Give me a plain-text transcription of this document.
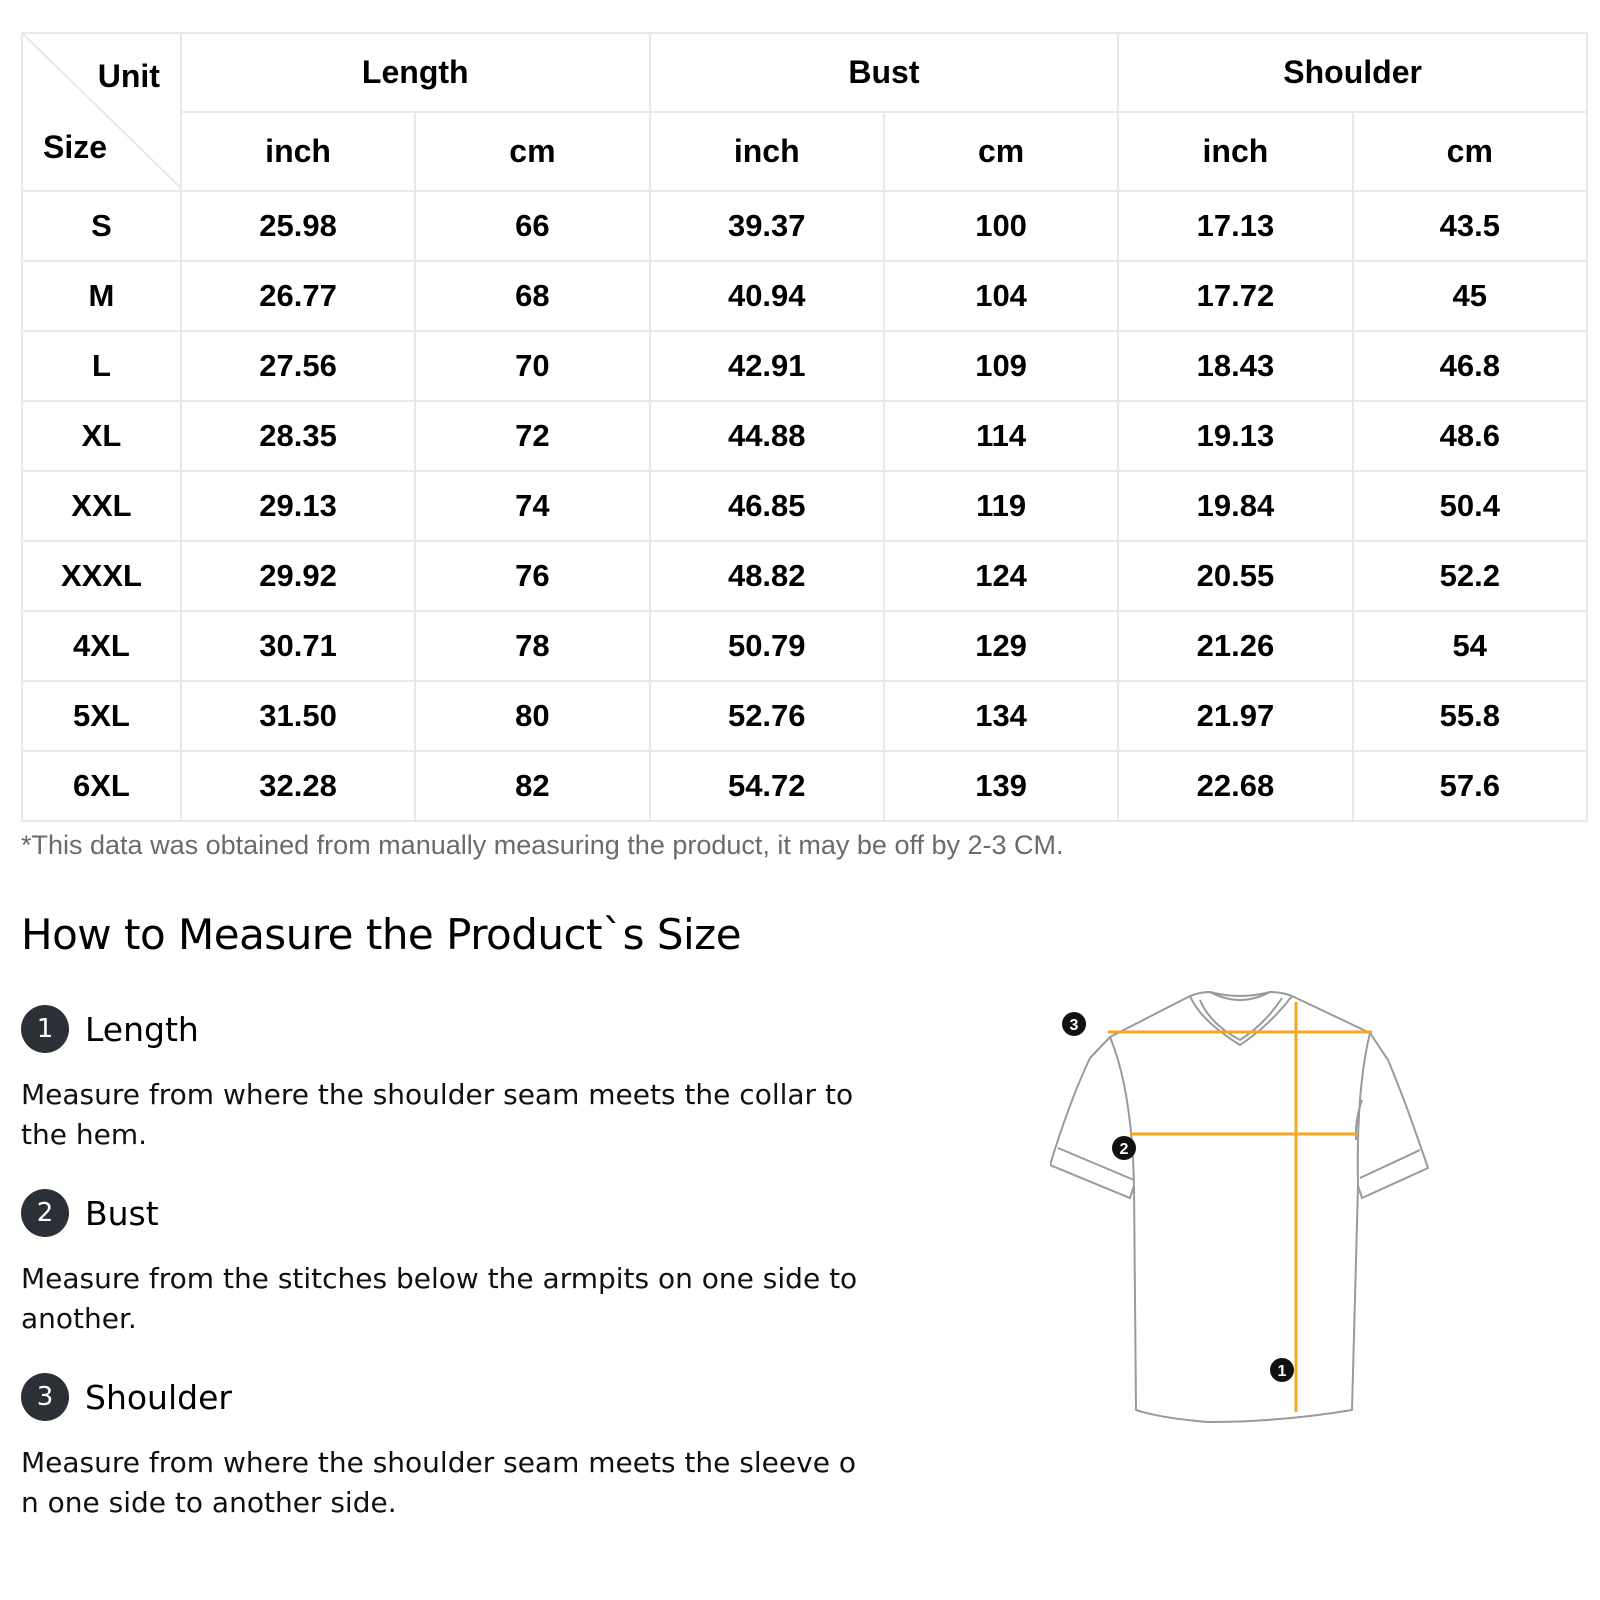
Unit
Size	Length		Bust		Shoulder	
	inch	cm	inch	cm	inch	cm
S	25.98	66	39.37	100	17.13	43.5
M	26.77	68	40.94	104	17.72	45
L	27.56	70	42.91	109	18.43	46.8
XL	28.35	72	44.88	114	19.13	48.6
XXL	29.13	74	46.85	119	19.84	50.4
XXXL	29.92	76	48.82	124	20.55	52.2
4XL	30.71	78	50.79	129	21.26	54
5XL	31.50	80	52.76	134	21.97	55.8
6XL	32.28	82	54.72	139	22.68	57.6
*This data was obtained from manually measuring the product, it may be off by 2-3 CM.
How to Measure the Product`s Size
1 Length
Measure from where the shoulder seam meets the collar to the hem.
2 Bust
Measure from the stitches below the armpits on one side to another.
3 Shoulder
Measure from where the shoulder seam meets the sleeve on one side to another side.
1
2
3
